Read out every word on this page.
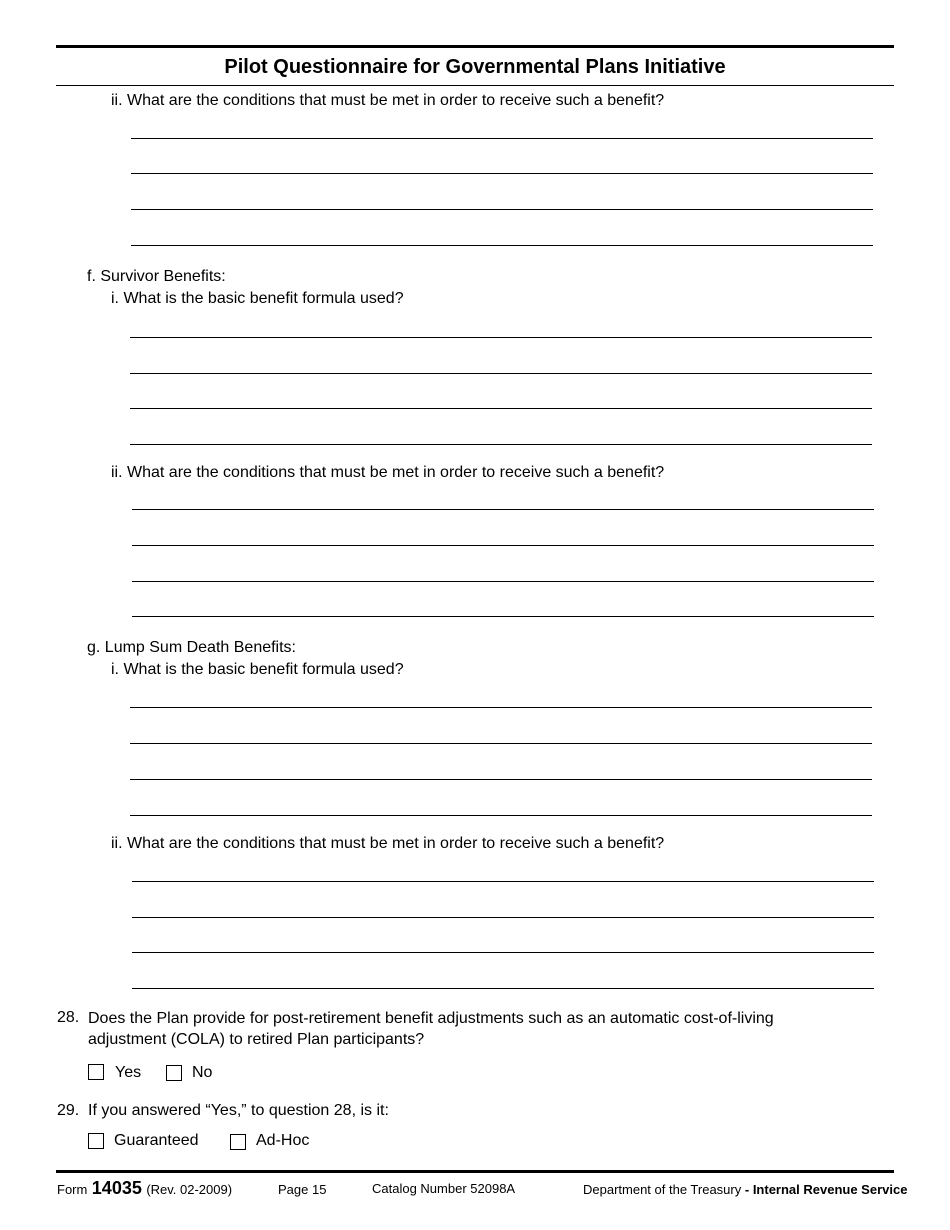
Pilot Questionnaire for Governmental Plans Initiative
ii. What are the conditions that must be met in order to receive such a benefit?
f. Survivor Benefits:
i. What is the basic benefit formula used?
ii. What are the conditions that must be met in order to receive such a benefit?
g. Lump Sum Death Benefits:
i. What is the basic benefit formula used?
ii. What are the conditions that must be met in order to receive such a benefit?
28. Does the Plan provide for post-retirement benefit adjustments such as an automatic cost-of-living
adjustment (COLA) to retired Plan participants?
Yes	No
29. If you answered “Yes,” to question 28, is it:
Guaranteed	Ad-Hoc
Form 14035 (Rev. 02-2009)	Page 15	Catalog Number 52098A	Department of the Treasury - Internal Revenue Service
